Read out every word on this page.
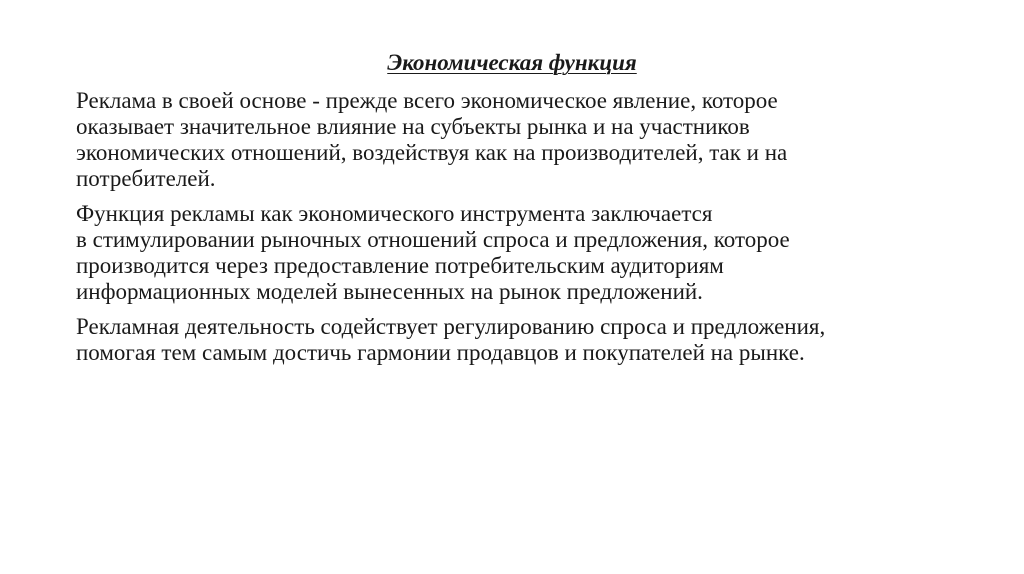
Экономическая функция

Реклама в своей основе - прежде всего экономическое явление, которое
оказывает значительное влияние на субъекты рынка и на участников
экономических отношений, воздействуя как на производителей, так и на
потребителей.

Функция рекламы как экономического инструмента заключается
в стимулировании рыночных отношений спроса и предложения, которое
производится через предоставление потребительским аудиториям
информационных моделей вынесенных на рынок предложений.

Рекламная деятельность содействует регулированию спроса и предложения,
помогая тем самым достичь гармонии продавцов и покупателей на рынке.
